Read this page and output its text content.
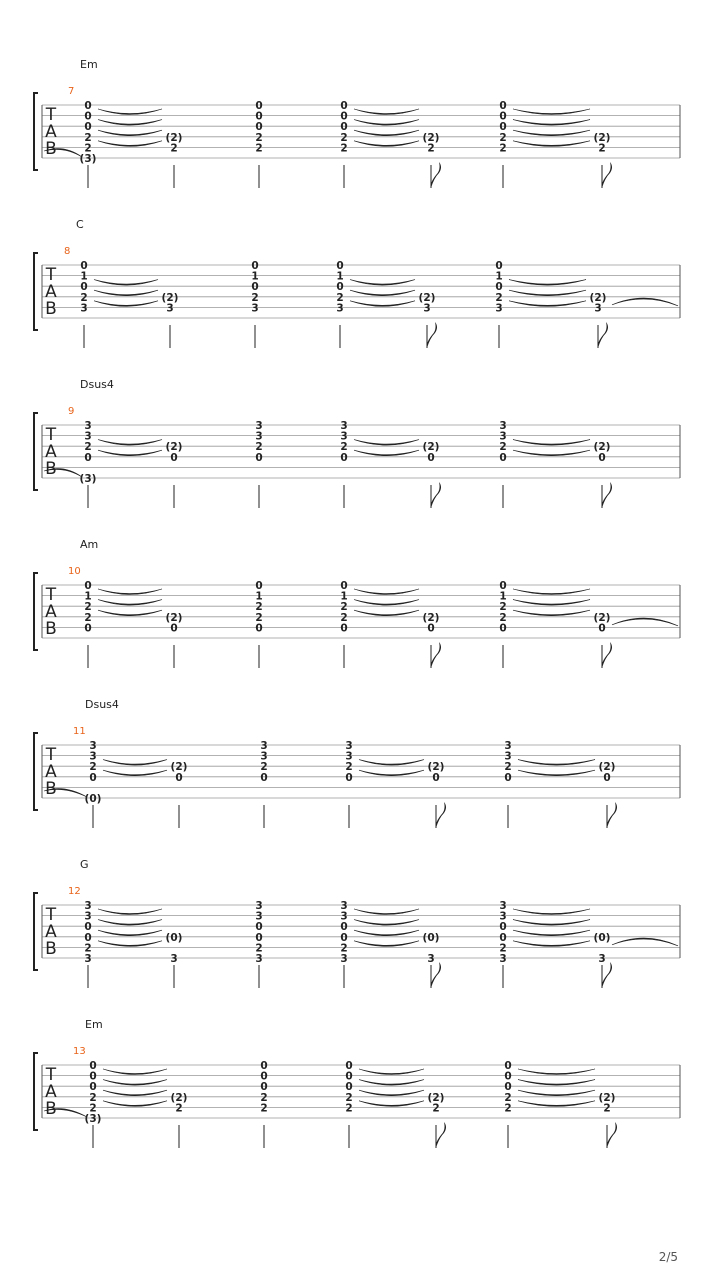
Em
7
T
A
B
0
0
0
2
2
(3)
(2)
2
0
0
0
2
2
0
0
0
2
2
(2)
2
0
0
0
2
2
(2)
2
C
8
T
A
B
0
1
0
2
3
(2)
3
0
1
0
2
3
0
1
0
2
3
(2)
3
0
1
0
2
3
(2)
3
Dsus4
9
T
A
B
3
3
2
0
(3)
(2)
0
3
3
2
0
3
3
2
0
(2)
0
3
3
2
0
(2)
0
Am
10
T
A
B
0
1
2
2
0
(2)
0
0
1
2
2
0
0
1
2
2
0
(2)
0
0
1
2
2
0
(2)
0
Dsus4
11
T
A
B
3
3
2
0
(0)
(2)
0
3
3
2
0
3
3
2
0
(2)
0
3
3
2
0
(2)
0
G
12
T
A
B
3
3
0
0
2
3
(0)
3
3
3
0
0
2
3
3
3
0
0
2
3
(0)
3
3
3
0
0
2
3
(0)
3
Em
13
T
A
B
0
0
0
2
2
(3)
(2)
2
0
0
0
2
2
0
0
0
2
2
(2)
2
0
0
0
2
2
(2)
2
2/5
